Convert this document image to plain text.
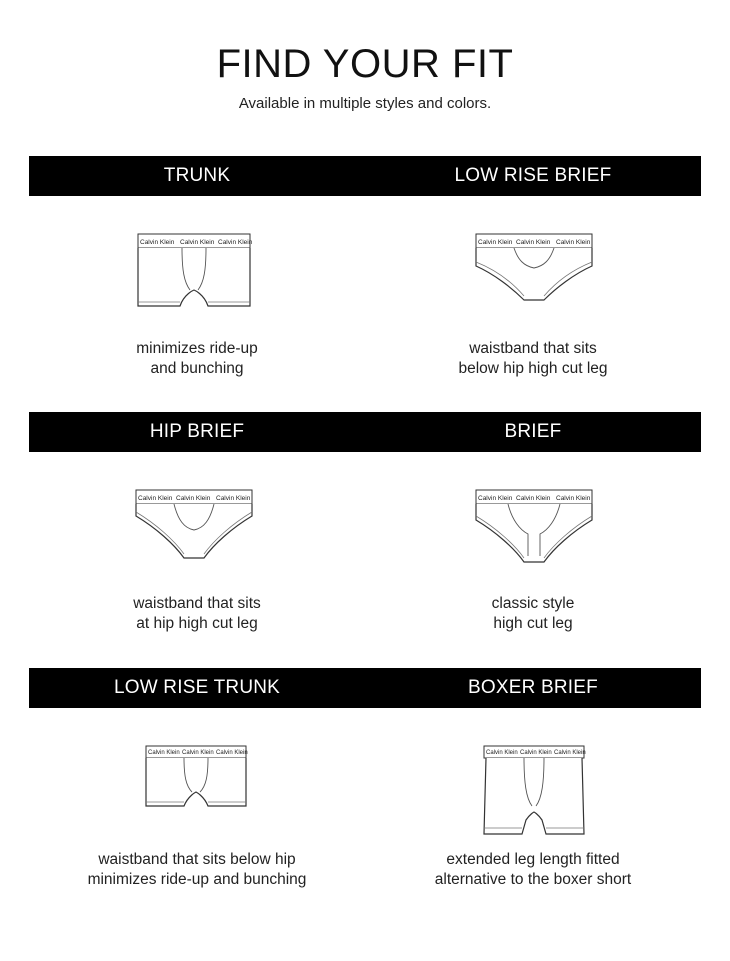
FIND YOUR FIT
Available in multiple styles and colors.
TRUNK	LOW RISE BRIEF
Calvin Klein Calvin Klein Calvin Klein	Calvin Klein Calvin Klein Calvin Klein
minimizes ride-up
and bunching
waistband that sits
below hip high cut leg
HIP BRIEF	BRIEF
Calvin Klein Calvin Klein Calvin Klein	Calvin Klein Calvin Klein Calvin Klein
waistband that sits
at hip high cut leg
classic style
high cut leg
LOW RISE TRUNK	BOXER BRIEF
Calvin Klein Calvin Klein Calvin Klein	Calvin Klein Calvin Klein Calvin Klein
waistband that sits below hip
minimizes ride-up and bunching
extended leg length fitted
alternative to the boxer short
